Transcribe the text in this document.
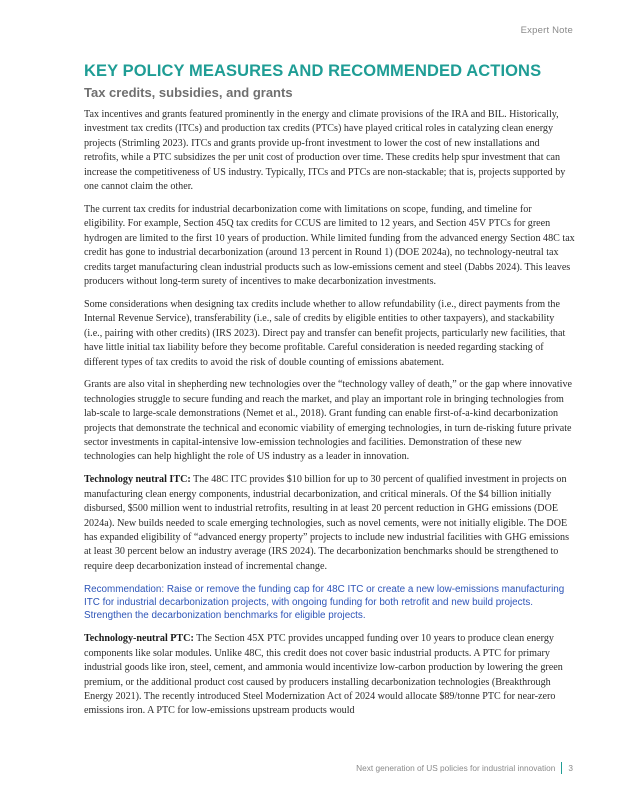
Expert Note
KEY POLICY MEASURES AND RECOMMENDED ACTIONS
Tax credits, subsidies, and grants

Tax incentives and grants featured prominently in the energy and climate provisions of the IRA and BIL. Historically, investment tax credits (ITCs) and production tax credits (PTCs) have played critical roles in catalyzing clean energy projects (Strimling 2023). ITCs and grants provide up-front investment to lower the cost of new installations and retrofits, while a PTC subsidizes the per unit cost of production over time. These credits help spur investment that can increase the competitiveness of US industry. Typically, ITCs and PTCs are non-stackable; that is, projects supported by one cannot claim the other.

The current tax credits for industrial decarbonization come with limitations on scope, funding, and timeline for eligibility. For example, Section 45Q tax credits for CCUS are limited to 12 years, and Section 45V PTCs for green hydrogen are limited to the first 10 years of production. While limited funding from the advanced energy Section 48C tax credit has gone to industrial decarbonization (around 13 percent in Round 1) (DOE 2024a), no technology-neutral tax credits target manufacturing clean industrial products such as low-emissions cement and steel (Dabbs 2024). This leaves producers without long-term surety of incentives to make decarbonization investments.

Some considerations when designing tax credits include whether to allow refundability (i.e., direct payments from the Internal Revenue Service), transferability (i.e., sale of credits by eligible entities to other taxpayers), and stackability (i.e., pairing with other credits) (IRS 2023). Direct pay and transfer can benefit projects, particularly new facilities, that have little initial tax liability before they become profitable. Careful consideration is needed regarding stacking of different types of tax credits to avoid the risk of double counting of emissions abatement.

Grants are also vital in shepherding new technologies over the “technology valley of death,” or the gap where innovative technologies struggle to secure funding and reach the market, and play an important role in bringing technologies from lab-scale to large-scale demonstrations (Nemet et al., 2018). Grant funding can enable first-of-a-kind decarbonization projects that demonstrate the technical and economic viability of emerging technologies, in turn de-risking future private sector investments in capital-intensive low-emission technologies and facilities. Demonstration of these new technologies can help highlight the role of US industry as a leader in innovation.

Technology neutral ITC: The 48C ITC provides $10 billion for up to 30 percent of qualified investment in projects on manufacturing clean energy components, industrial decarbonization, and critical minerals. Of the $4 billion initially disbursed, $500 million went to industrial retrofits, resulting in at least 20 percent reduction in GHG emissions (DOE 2024a). New builds needed to scale emerging technologies, such as novel cements, were not initially eligible. The DOE has expanded eligibility of “advanced energy property” projects to include new industrial facilities with GHG emissions at least 30 percent below an industry average (IRS 2024). The decarbonization benchmarks should be strengthened to require deep decarbonization instead of incremental change.

Recommendation: Raise or remove the funding cap for 48C ITC or create a new low-emissions manufacturing ITC for industrial decarbonization projects, with ongoing funding for both retrofit and new build projects. Strengthen the decarbonization benchmarks for eligible projects.

Technology-neutral PTC: The Section 45X PTC provides uncapped funding over 10 years to produce clean energy components like solar modules. Unlike 48C, this credit does not cover basic industrial products. A PTC for primary industrial goods like iron, steel, cement, and ammonia would incentivize low-carbon production by lowering the green premium, or the additional product cost caused by producers installing decarbonization technologies (Breakthrough Energy 2021). The recently introduced Steel Modernization Act of 2024 would allocate $89/tonne PTC for near-zero emissions iron. A PTC for low-emissions upstream products would

Next generation of US policies for industrial innovation 3
